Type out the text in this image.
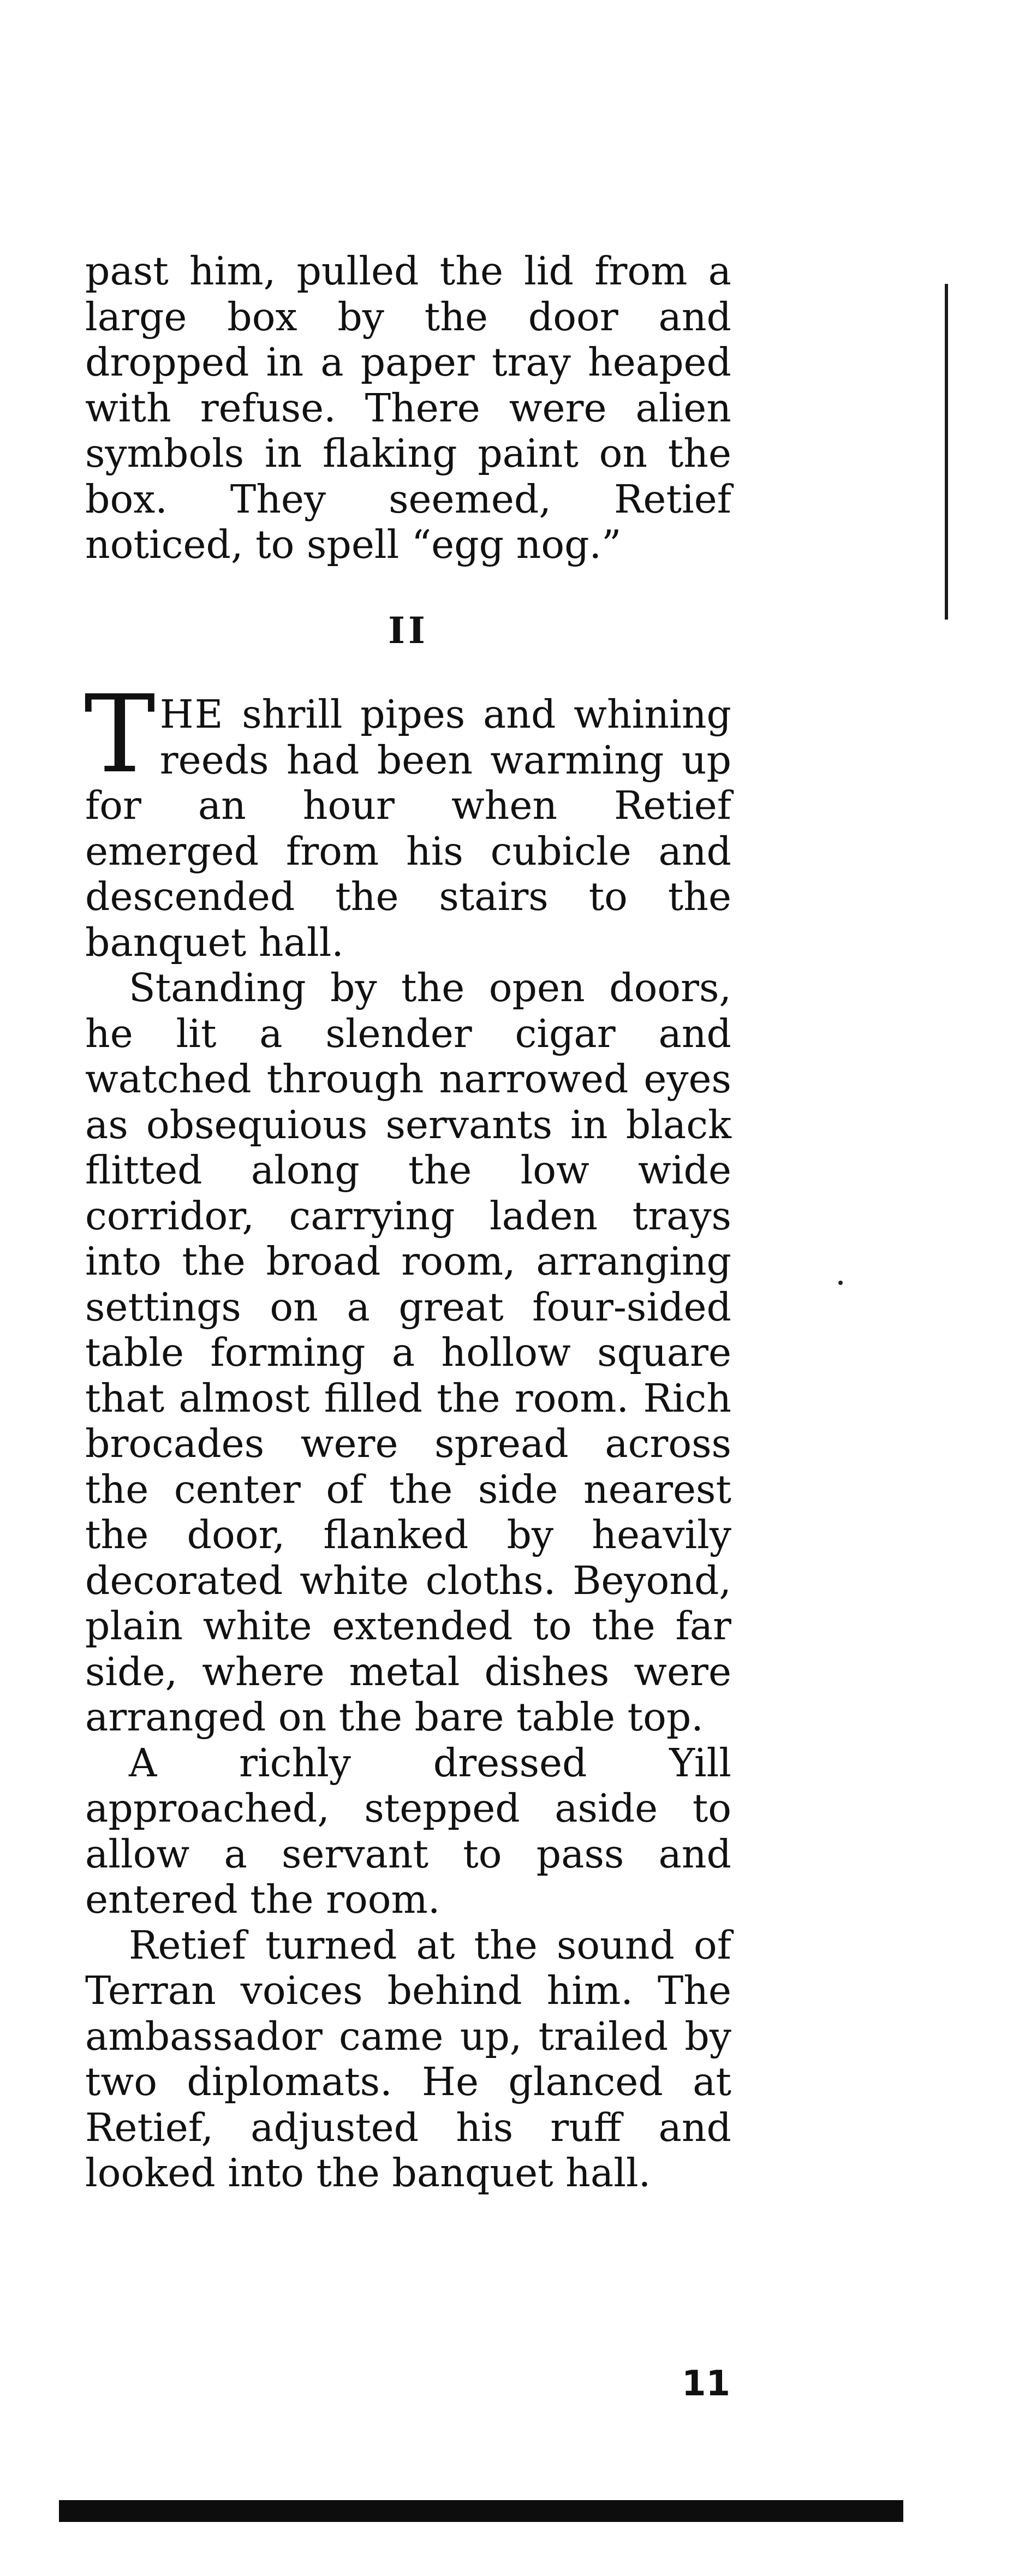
past him, pulled the lid from a large box by the door and dropped in a paper tray heaped with refuse. There were alien symbols in flaking paint on the box. They seemed, Retief noticed, to spell “egg nog.”

II

THE shrill pipes and whining reeds had been warming up for an hour when Retief emerged from his cubicle and descended the stairs to the banquet hall.

Standing by the open doors, he lit a slender cigar and watched through narrowed eyes as obsequious servants in black flitted along the low wide corridor, carrying laden trays into the broad room, arranging settings on a great four-sided table forming a hollow square that almost filled the room. Rich brocades were spread across the center of the side nearest the door, flanked by heavily decorated white cloths. Beyond, plain white extended to the far side, where metal dishes were arranged on the bare table top.

A richly dressed Yill approached, stepped aside to allow a servant to pass and entered the room.

Retief turned at the sound of Terran voices behind him. The ambassador came up, trailed by two diplomats. He glanced at Retief, adjusted his ruff and looked into the banquet hall.

11
